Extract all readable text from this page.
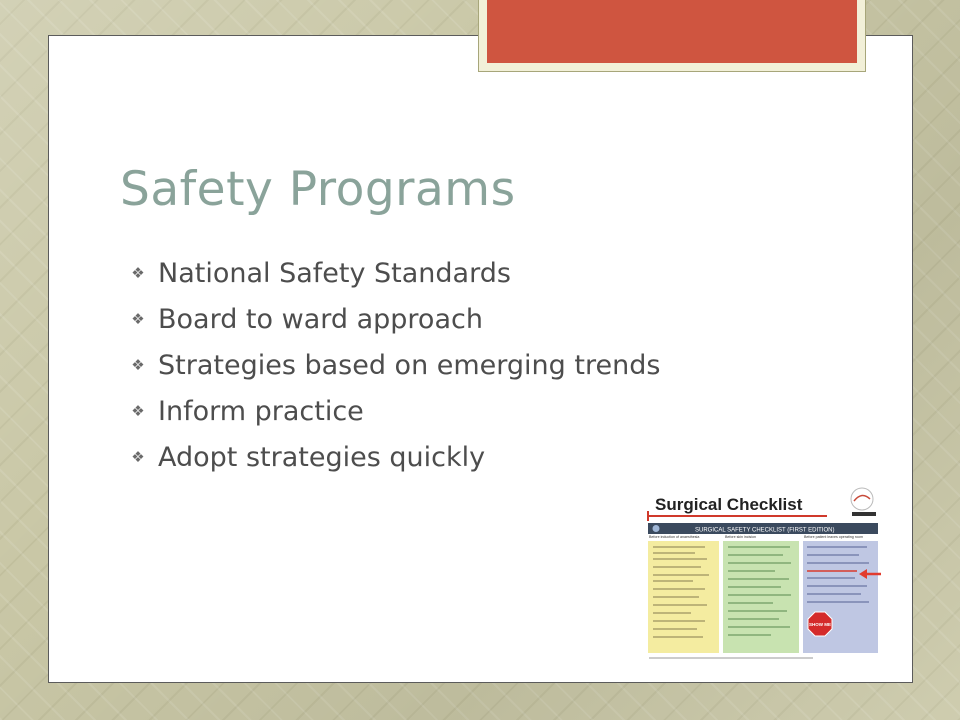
Safety Programs
❖ National Safety Standards
❖ Board to ward approach
❖ Strategies based on emerging trends
❖ Inform practice
❖ Adopt strategies quickly
Surgical Checklist
SURGICAL SAFETY CHECKLIST (FIRST EDITION)
Before induction of anaesthesia	Before skin incision	Before patient leaves operating room
SHOW ME
